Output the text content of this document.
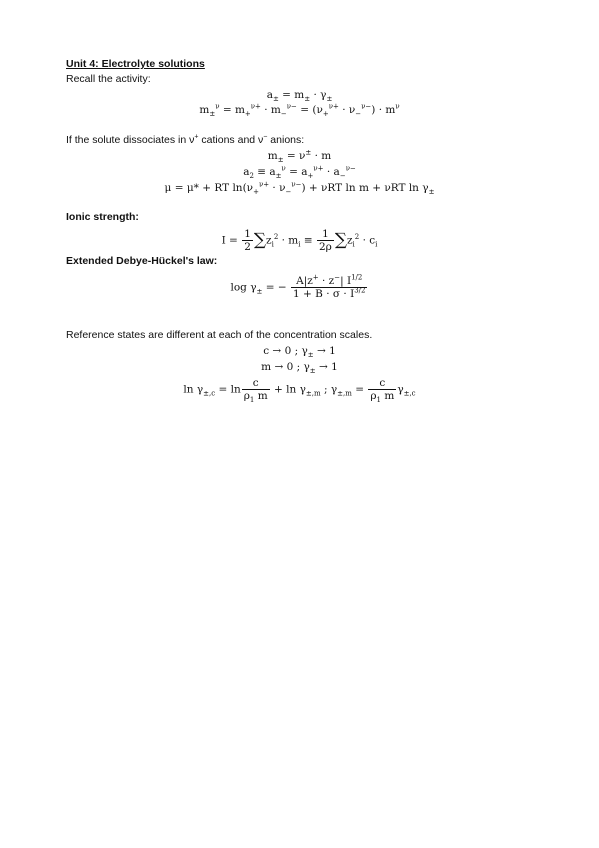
Unit 4: Electrolyte solutions
Recall the activity:
$a_\pm = m_\pm \cdot \gamma_\pm$
$m_\pm^\nu = m_+^{\nu+} \cdot m_-^{\nu-} = (\nu_+^{\nu+} \cdot \nu_-^{\nu-}) \cdot m^\nu$
If the solute dissociates in ν+ cations and ν− anions:
$m_\pm = \nu^\pm \cdot m$
$a_2 \equiv a_\pm^\nu = a_+^{\nu+} \cdot a_-^{\nu-}$
μ = μ* + RT $\ln(\nu_+^{\nu+} \cdot \nu_-^{\nu-}) + \nu RT$ ln m + νRT $\ln \gamma_\pm$
Ionic strength:
$I = \frac{1}{2} \sum z_i^2 \cdot m_i \equiv \frac{1}{2\rho} \sum z_i^2 \cdot c_i$
Extended Debye-Hückel's law:
$\log \gamma_\pm$ = − $\frac{A|z^+ \cdot z^-| I^{1/2}}{1 + B \cdot \sigma \cdot I^{3/2}}$
Reference states are different at each of the concentration scales.
c → 0 ; $\gamma_\pm \to 1$
m → 0 ; $\gamma_\pm \to 1$
$\ln \gamma_{\pm,c} = \ln \frac{c}{\rho_1 m} + \ln \gamma_{\pm,m}$ ; $\gamma_{\pm,m} = \frac{c}{\rho_1 m} \gamma_{\pm,c}$
